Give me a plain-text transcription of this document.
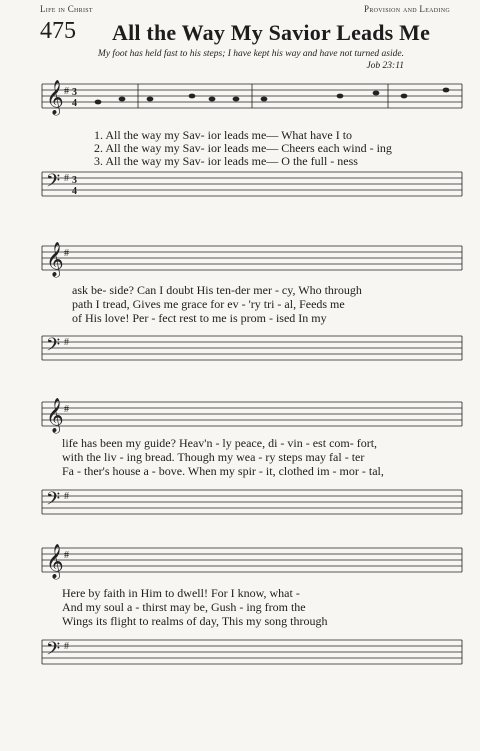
Life in Christ	Provision and Leading
475 All the Way My Savior Leads Me
My foot has held fast to his steps; I have kept his way and have not turned aside.
Job 23:11
𝄞 # 3
4
1. All the way my Sav- ior leads me— What have I to
2. All the way my Sav- ior leads me— Cheers each wind - ing
3. All the way my Sav- ior leads me— O the full - ness
𝄢 # 3
4
𝄞 #
ask be- side? Can I doubt His ten-der mer - cy, Who through
path I tread, Gives me grace for ev - 'ry tri - al, Feeds me
of His love! Per - fect rest to me is prom - ised In my
𝄢 #
𝄞 #
life has been my guide? Heav'n - ly peace, di - vin - est com- fort,
with the liv - ing bread. Though my wea - ry steps may fal - ter
Fa - ther's house a - bove. When my spir - it, clothed im - mor - tal,
𝄢 #
𝄞 #
Here by faith in Him to dwell! For I know, what -
And my soul a - thirst may be, Gush - ing from the
Wings its flight to realms of day, This my song through
𝄢 #
